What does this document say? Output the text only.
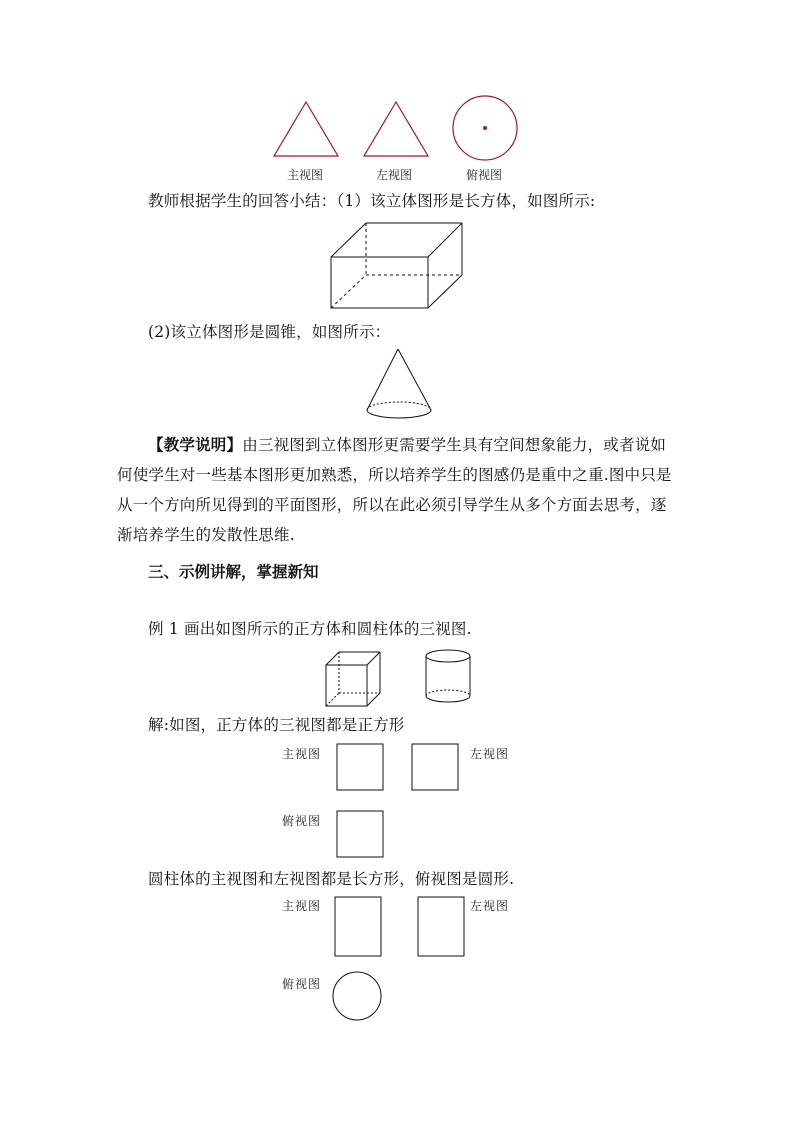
主视图	左视图	俯视图
教师根据学生的回答小结：（1）该立体图形是长方体，如图所示:
(2)该立体图形是圆锥，如图所示：
【教学说明】由三视图到立体图形更需要学生具有空间想象能力，或者说如何使学生对一些基本图形更加熟悉，所以培养学生的图感仍是重中之重.图中只是从一个方向所见得到的平面图形，所以在此必须引导学生从多个方面去思考，逐渐培养学生的发散性思维.
三、示例讲解，掌握新知
例 1 画出如图所示的正方体和圆柱体的三视图.
解:如图，正方体的三视图都是正方形
主视图	左视图
俯视图
圆柱体的主视图和左视图都是长方形，俯视图是圆形.
主视图	左视图
俯视图
